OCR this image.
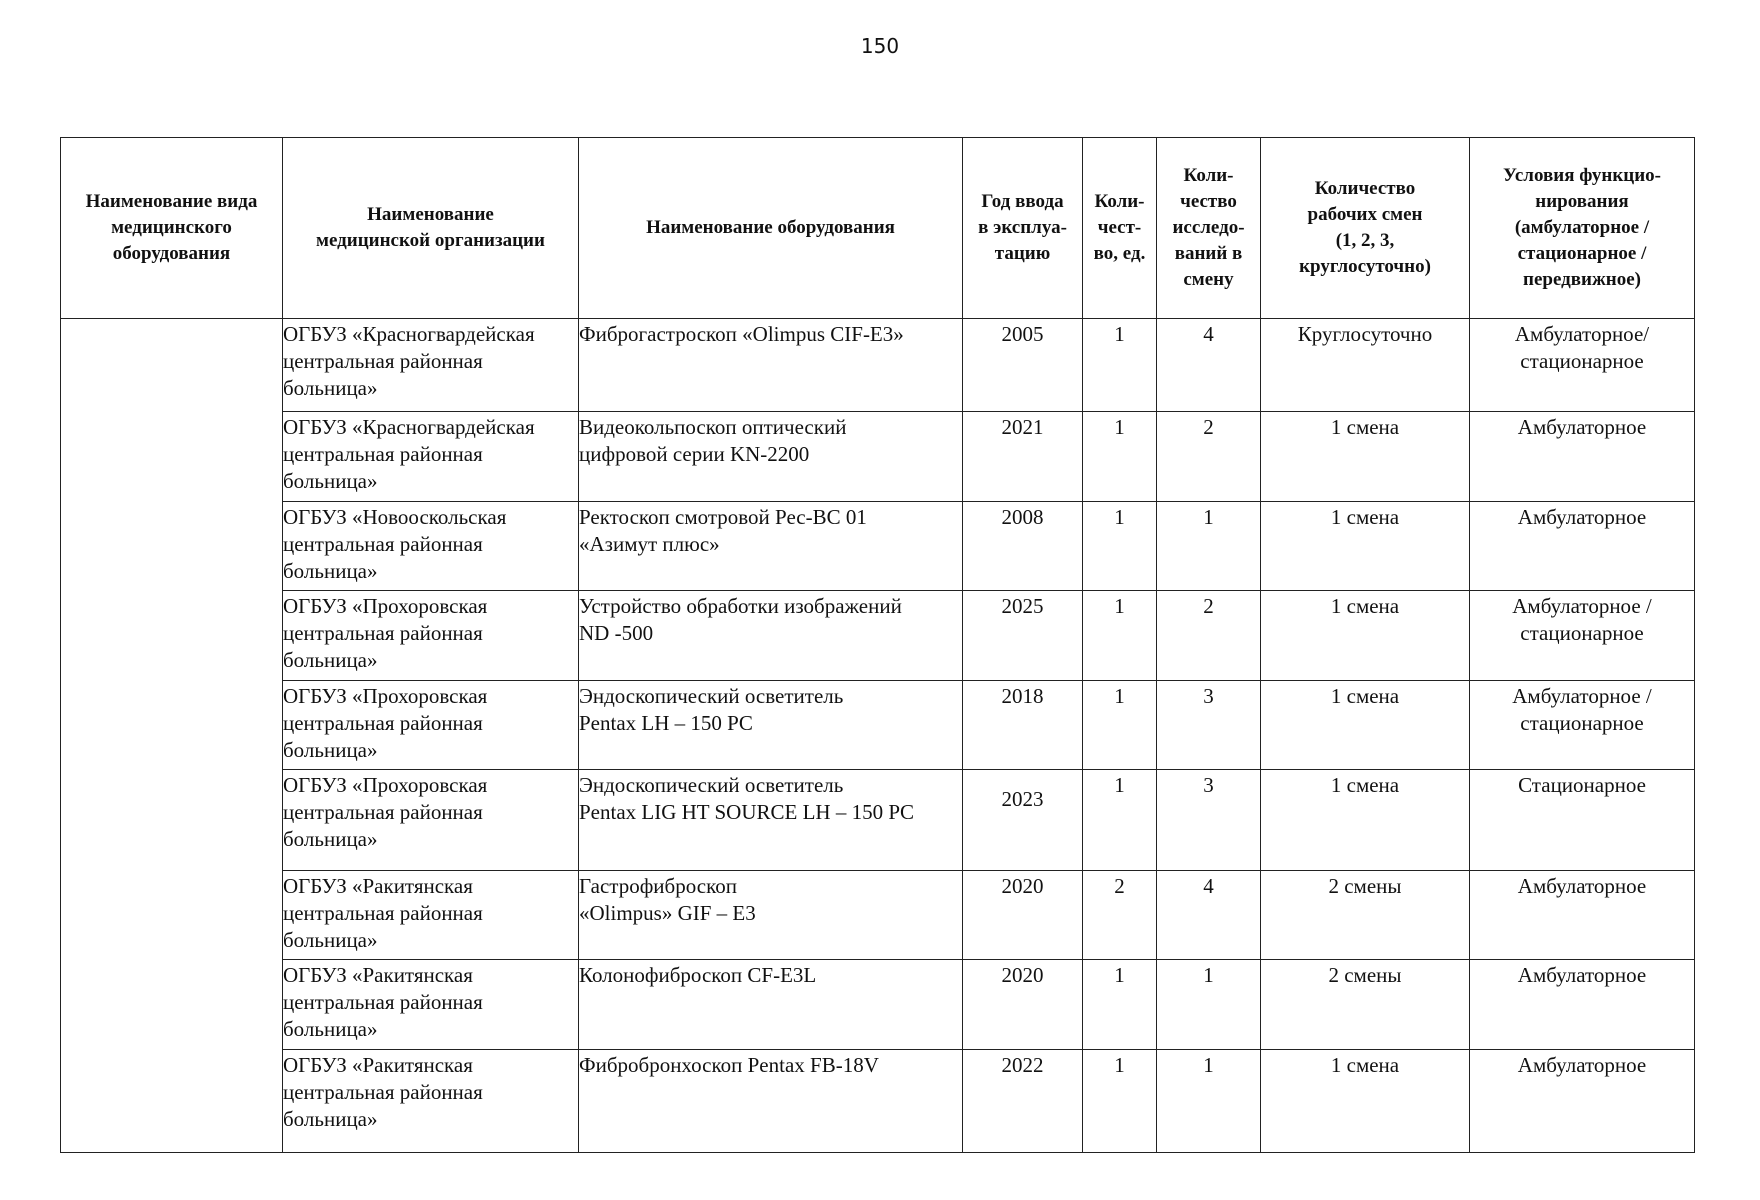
150
Наименование вида
медицинского
оборудования	Наименование
медицинской организации	Наименование оборудования	Год ввода
в эксплуа-
тацию	Коли-
чест-
во, ед.	Коли-
чество
исследо-
ваний в
смену	Количество
рабочих смен
(1, 2, 3,
круглосуточно)	Условия функцио-
нирования
(амбулаторное /
стационарное /
передвижное)

	ОГБУЗ «Красногвардейская
центральная районная
больница»	Фиброгастроскоп «Olimpus CIF-E3»	2005	1	4	Круглосуточно	Амбулаторное/
стационарное

	ОГБУЗ «Красногвардейская
центральная районная
больница»	Видеокольпоскоп оптический
цифровой серии KN-2200	2021	1	2	1 смена	Амбулаторное

	ОГБУЗ «Новооскольская
центральная районная
больница»	Ректоскоп смотровой Рес-ВС 01
«Азимут плюс»	2008	1	1	1 смена	Амбулаторное

	ОГБУЗ «Прохоровская
центральная районная
больница»	Устройство обработки изображений
ND -500	2025	1	2	1 смена	Амбулаторное /
стационарное

	ОГБУЗ «Прохоровская
центральная районная
больница»	Эндоскопический осветитель
Pentax LH – 150 PC	2018	1	3	1 смена	Амбулаторное /
стационарное

	ОГБУЗ «Прохоровская
центральная районная
больница»	Эндоскопический осветитель
Pentax LIG HT SOURCE LH – 150 PC	2023	1	3	1 смена	Стационарное

	ОГБУЗ «Ракитянская
центральная районная
больница»	Гастрофиброскоп
«Olimpus» GIF – E3	2020	2	4	2 смены	Амбулаторное

	ОГБУЗ «Ракитянская
центральная районная
больница»	Колонофиброскоп CF-E3L	2020	1	1	2 смены	Амбулаторное

	ОГБУЗ «Ракитянская
центральная районная
больница»	Фибробронхоскоп Pentax FB-18V	2022	1	1	1 смена	Амбулаторное
